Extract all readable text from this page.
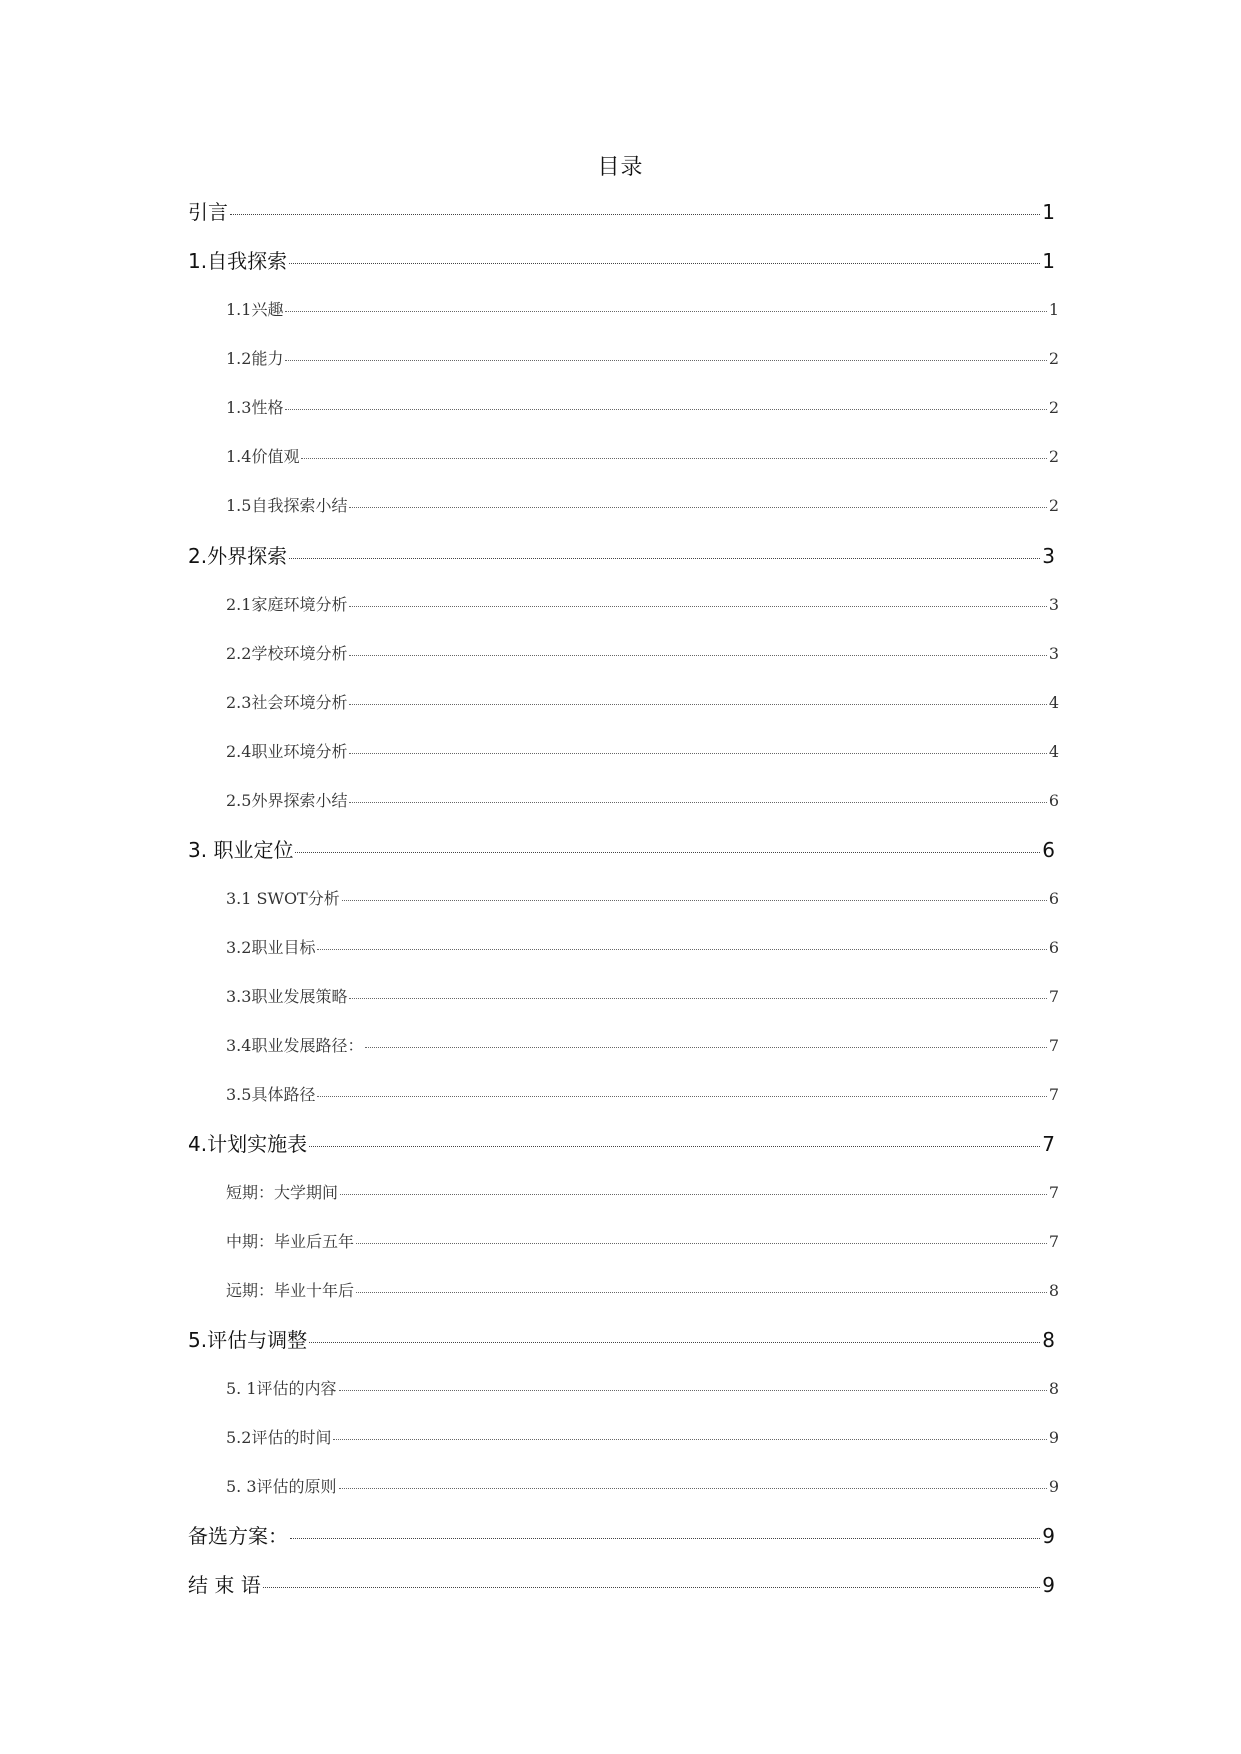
目录
引言	1
1.自我探索	1
1.1兴趣	1
1.2能力	2
1.3性格	2
1.4价值观	2
1.5自我探索小结	2
2.外界探索	3
2.1家庭环境分析	3
2.2学校环境分析	3
2.3社会环境分析	4
2.4职业环境分析	4
2.5外界探索小结	6
3. 职业定位	6
3.1 SWOT分析	6
3.2职业目标	6
3.3职业发展策略	7
3.4职业发展路径：	7
3.5具体路径	7
4.计划实施表	7
短期：大学期间	7
中期：毕业后五年	7
远期：毕业十年后	8
5.评估与调整	8
5. 1评估的内容	8
5.2评估的时间	9
5. 3评估的原则	9
备选方案：	9
结 束 语	9
